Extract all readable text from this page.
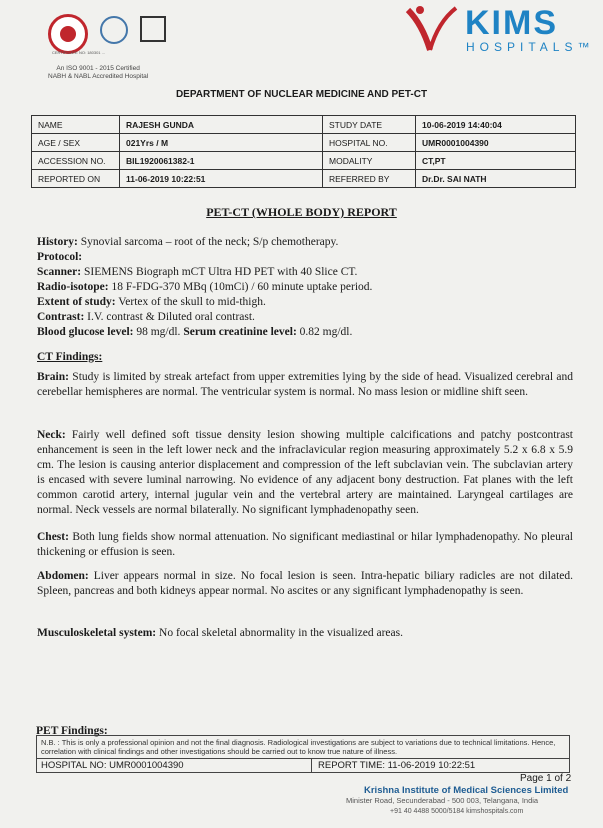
CERTIFICATE NO: 180301 ...
An ISO 9001 - 2015 Certified
NABH & NABL Accredited Hospital
KIMS
HOSPITALS™
DEPARTMENT OF NUCLEAR MEDICINE AND PET-CT
NAME	RAJESH GUNDA	STUDY DATE	10-06-2019 14:40:04
AGE / SEX	021Yrs / M	HOSPITAL NO.	UMR0001004390
ACCESSION NO.	BIL1920061382-1	MODALITY	CT,PT
REPORTED ON	11-06-2019 10:22:51	REFERRED BY	Dr.Dr. SAI NATH
PET-CT (WHOLE BODY) REPORT
History: Synovial sarcoma – root of the neck; S/p chemotherapy.
Protocol:
Scanner: SIEMENS Biograph mCT Ultra HD PET with 40 Slice CT.
Radio-isotope: 18 F-FDG-370 MBq (10mCi) / 60 minute uptake period.
Extent of study: Vertex of the skull to mid-thigh.
Contrast: I.V. contrast & Diluted oral contrast.
Blood glucose level: 98 mg/dl. Serum creatinine level: 0.82 mg/dl.
CT Findings:
Brain: Study is limited by streak artefact from upper extremities lying by the side of head. Visualized cerebral and cerebellar hemispheres are normal. The ventricular system is normal. No mass lesion or midline shift seen.
Neck: Fairly well defined soft tissue density lesion showing multiple calcifications and patchy postcontrast enhancement is seen in the left lower neck and the infraclavicular region measuring approximately 5.2 x 6.8 x 5.9 cm. The lesion is causing anterior displacement and compression of the left subclavian vein. The subclavian artery is encased with severe luminal narrowing. No evidence of any adjacent bony destruction. Fat planes with the left common carotid artery, internal jugular vein and the vertebral artery are maintained. Laryngeal cartilages are normal. Neck vessels are normal bilaterally. No significant lymphadenopathy seen.
Chest: Both lung fields show normal attenuation. No significant mediastinal or hilar lymphadenopathy. No pleural thickening or effusion is seen.
Abdomen: Liver appears normal in size. No focal lesion is seen. Intra-hepatic biliary radicles are not dilated. Spleen, pancreas and both kidneys appear normal. No ascites or any significant lymphadenopathy is seen.
Musculoskeletal system: No focal skeletal abnormality in the visualized areas.
PET Findings:
N.B. : This is only a professional opinion and not the final diagnosis. Radiological investigations are subject to variations due to technical limitations. Hence, correlation with clinical findings and other investigations should be carried out to know true nature of illness.
HOSPITAL NO: UMR0001004390	REPORT TIME: 11-06-2019 10:22:51
Page 1 of 2
Krishna Institute of Medical Sciences Limited
Minister Road, Secunderabad - 500 003, Telangana, India
+91 40 4488 5000/5184 kimshospitals.com
